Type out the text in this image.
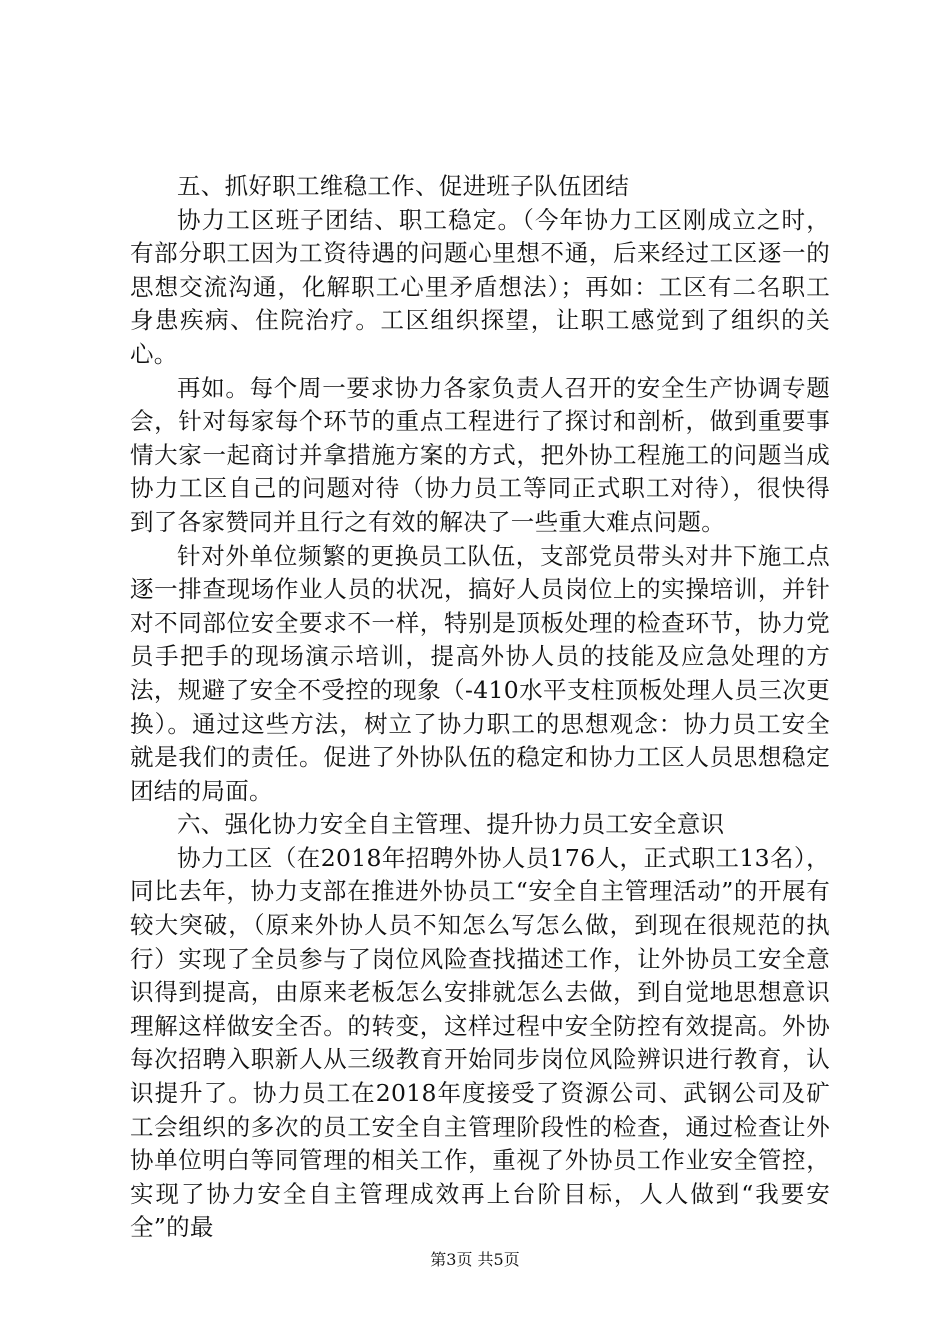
五、抓好职工维稳工作、促进班子队伍团结

协力工区班子团结、职工稳定。（今年协力工区刚成立之时，有部分职工因为工资待遇的问题心里想不通，后来经过工区逐一的思想交流沟通，化解职工心里矛盾想法）；再如：工区有二名职工身患疾病、住院治疗。工区组织探望，让职工感觉到了组织的关心。

再如。每个周一要求协力各家负责人召开的安全生产协调专题会，针对每家每个环节的重点工程进行了探讨和剖析，做到重要事情大家一起商讨并拿措施方案的方式，把外协工程施工的问题当成协力工区自己的问题对待（协力员工等同正式职工对待），很快得到了各家赞同并且行之有效的解决了一些重大难点问题。

针对外单位频繁的更换员工队伍，支部党员带头对井下施工点逐一排查现场作业人员的状况，搞好人员岗位上的实操培训，并针对不同部位安全要求不一样，特别是顶板处理的检查环节，协力党员手把手的现场演示培训，提高外协人员的技能及应急处理的方法，规避了安全不受控的现象（-410水平支柱顶板处理人员三次更换）。通过这些方法，树立了协力职工的思想观念：协力员工安全就是我们的责任。促进了外协队伍的稳定和协力工区人员思想稳定团结的局面。

六、强化协力安全自主管理、提升协力员工安全意识

协力工区（在2018年招聘外协人员176人，正式职工13名），同比去年，协力支部在推进外协员工“安全自主管理活动”的开展有较大突破，（原来外协人员不知怎么写怎么做，到现在很规范的执行）实现了全员参与了岗位风险查找描述工作，让外协员工安全意识得到提高，由原来老板怎么安排就怎么去做，到自觉地思想意识理解这样做安全否。的转变，这样过程中安全防控有效提高。外协每次招聘入职新人从三级教育开始同步岗位风险辨识进行教育，认识提升了。协力员工在2018年度接受了资源公司、武钢公司及矿工会组织的多次的员工安全自主管理阶段性的检查，通过检查让外协单位明白等同管理的相关工作，重视了外协员工作业安全管控，实现了协力安全自主管理成效再上台阶目标，人人做到“我要安全”的最

第3页 共5页
